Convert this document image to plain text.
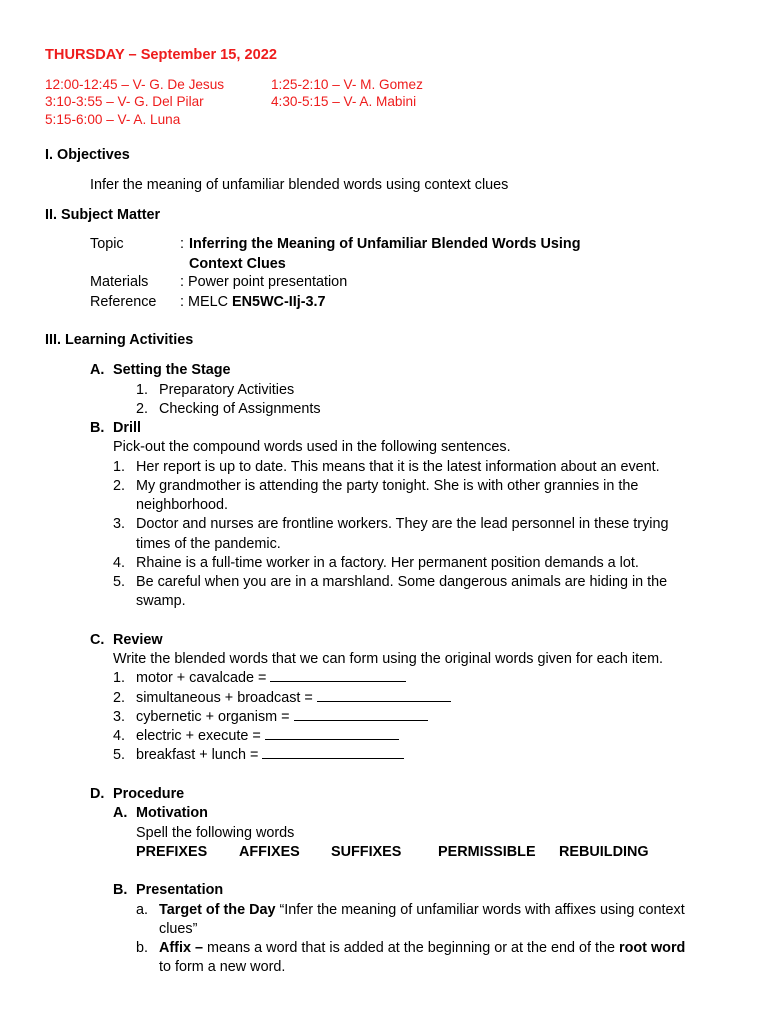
THURSDAY – September 15, 2022
12:00-12:45 – V- G. De Jesus	1:25-2:10 – V- M. Gomez
3:10-3:55 – V- G. Del Pilar	4:30-5:15 – V- A. Mabini
5:15-6:00 – V- A. Luna
I. Objectives
Infer the meaning of unfamiliar blended words using context clues
II. Subject Matter
Topic	: Inferring the Meaning of Unfamiliar Blended Words Using
Context Clues
Materials : Power point presentation
Reference : MELC EN5WC-IIj-3.7
III. Learning Activities
A. Setting the Stage
1. Preparatory Activities
2. Checking of Assignments
B. Drill
Pick-out the compound words used in the following sentences.
1. Her report is up to date. This means that it is the latest information about an event.
2. My grandmother is attending the party tonight. She is with other grannies in the
neighborhood.
3. Doctor and nurses are frontline workers. They are the lead personnel in these trying
times of the pandemic.
4. Rhaine is a full-time worker in a factory. Her permanent position demands a lot.
5. Be careful when you are in a marshland. Some dangerous animals are hiding in the
swamp.
C. Review
Write the blended words that we can form using the original words given for each item.
1. motor + cavalcade =
2. simultaneous + broadcast =
3. cybernetic + organism =
4. electric + execute =
5. breakfast + lunch =
D. Procedure
A. Motivation
Spell the following words
PREFIXES AFFIXES SUFFIXES	PERMISSIBLE REBUILDING
B. Presentation
a. Target of the Day “Infer the meaning of unfamiliar words with affixes using context
clues”
b. Affix – means a word that is added at the beginning or at the end of the root word
to form a new word.
